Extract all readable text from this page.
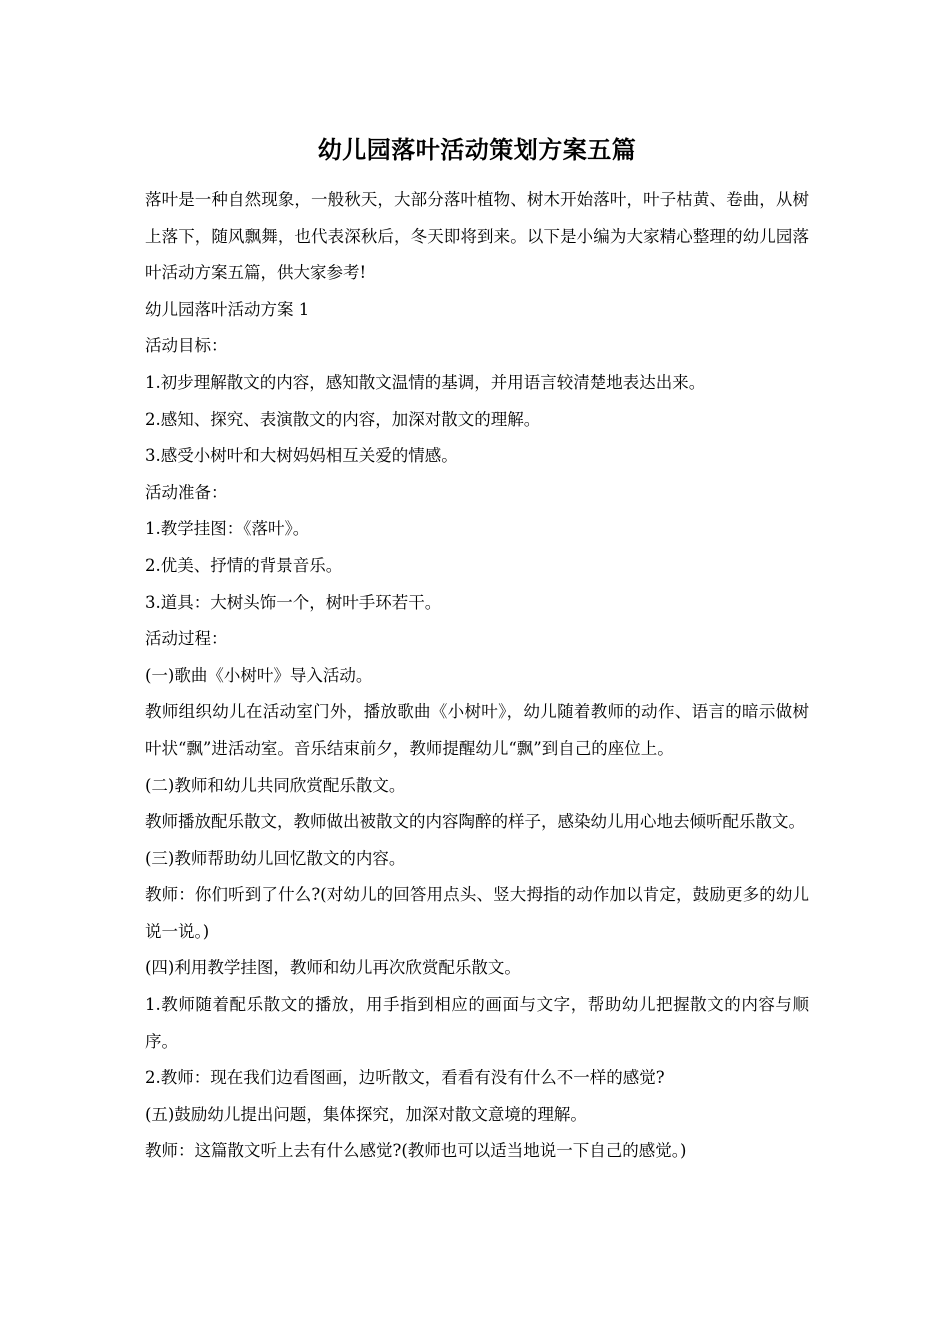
幼儿园落叶活动策划方案五篇

落叶是一种自然现象，一般秋天，大部分落叶植物、树木开始落叶，叶子枯黄、卷曲，从树上落下，随风飘舞，也代表深秋后，冬天即将到来。以下是小编为大家精心整理的幼儿园落叶活动方案五篇，供大家参考!

幼儿园落叶活动方案 1

活动目标：

1.初步理解散文的内容，感知散文温情的基调，并用语言较清楚地表达出来。

2.感知、探究、表演散文的内容，加深对散文的理解。

3.感受小树叶和大树妈妈相互关爱的情感。

活动准备：

1.教学挂图：《落叶》。

2.优美、抒情的背景音乐。

3.道具：大树头饰一个，树叶手环若干。

活动过程：

(一)歌曲《小树叶》导入活动。

教师组织幼儿在活动室门外，播放歌曲《小树叶》，幼儿随着教师的动作、语言的暗示做树叶状“飘”进活动室。音乐结束前夕，教师提醒幼儿“飘”到自己的座位上。

(二)教师和幼儿共同欣赏配乐散文。

教师播放配乐散文，教师做出被散文的内容陶醉的样子，感染幼儿用心地去倾听配乐散文。

(三)教师帮助幼儿回忆散文的内容。

教师：你们听到了什么?(对幼儿的回答用点头、竖大拇指的动作加以肯定，鼓励更多的幼儿说一说。)

(四)利用教学挂图，教师和幼儿再次欣赏配乐散文。

1.教师随着配乐散文的播放，用手指到相应的画面与文字，帮助幼儿把握散文的内容与顺序。

2.教师：现在我们边看图画，边听散文，看看有没有什么不一样的感觉?

(五)鼓励幼儿提出问题，集体探究，加深对散文意境的理解。

教师：这篇散文听上去有什么感觉?(教师也可以适当地说一下自己的感觉。)
